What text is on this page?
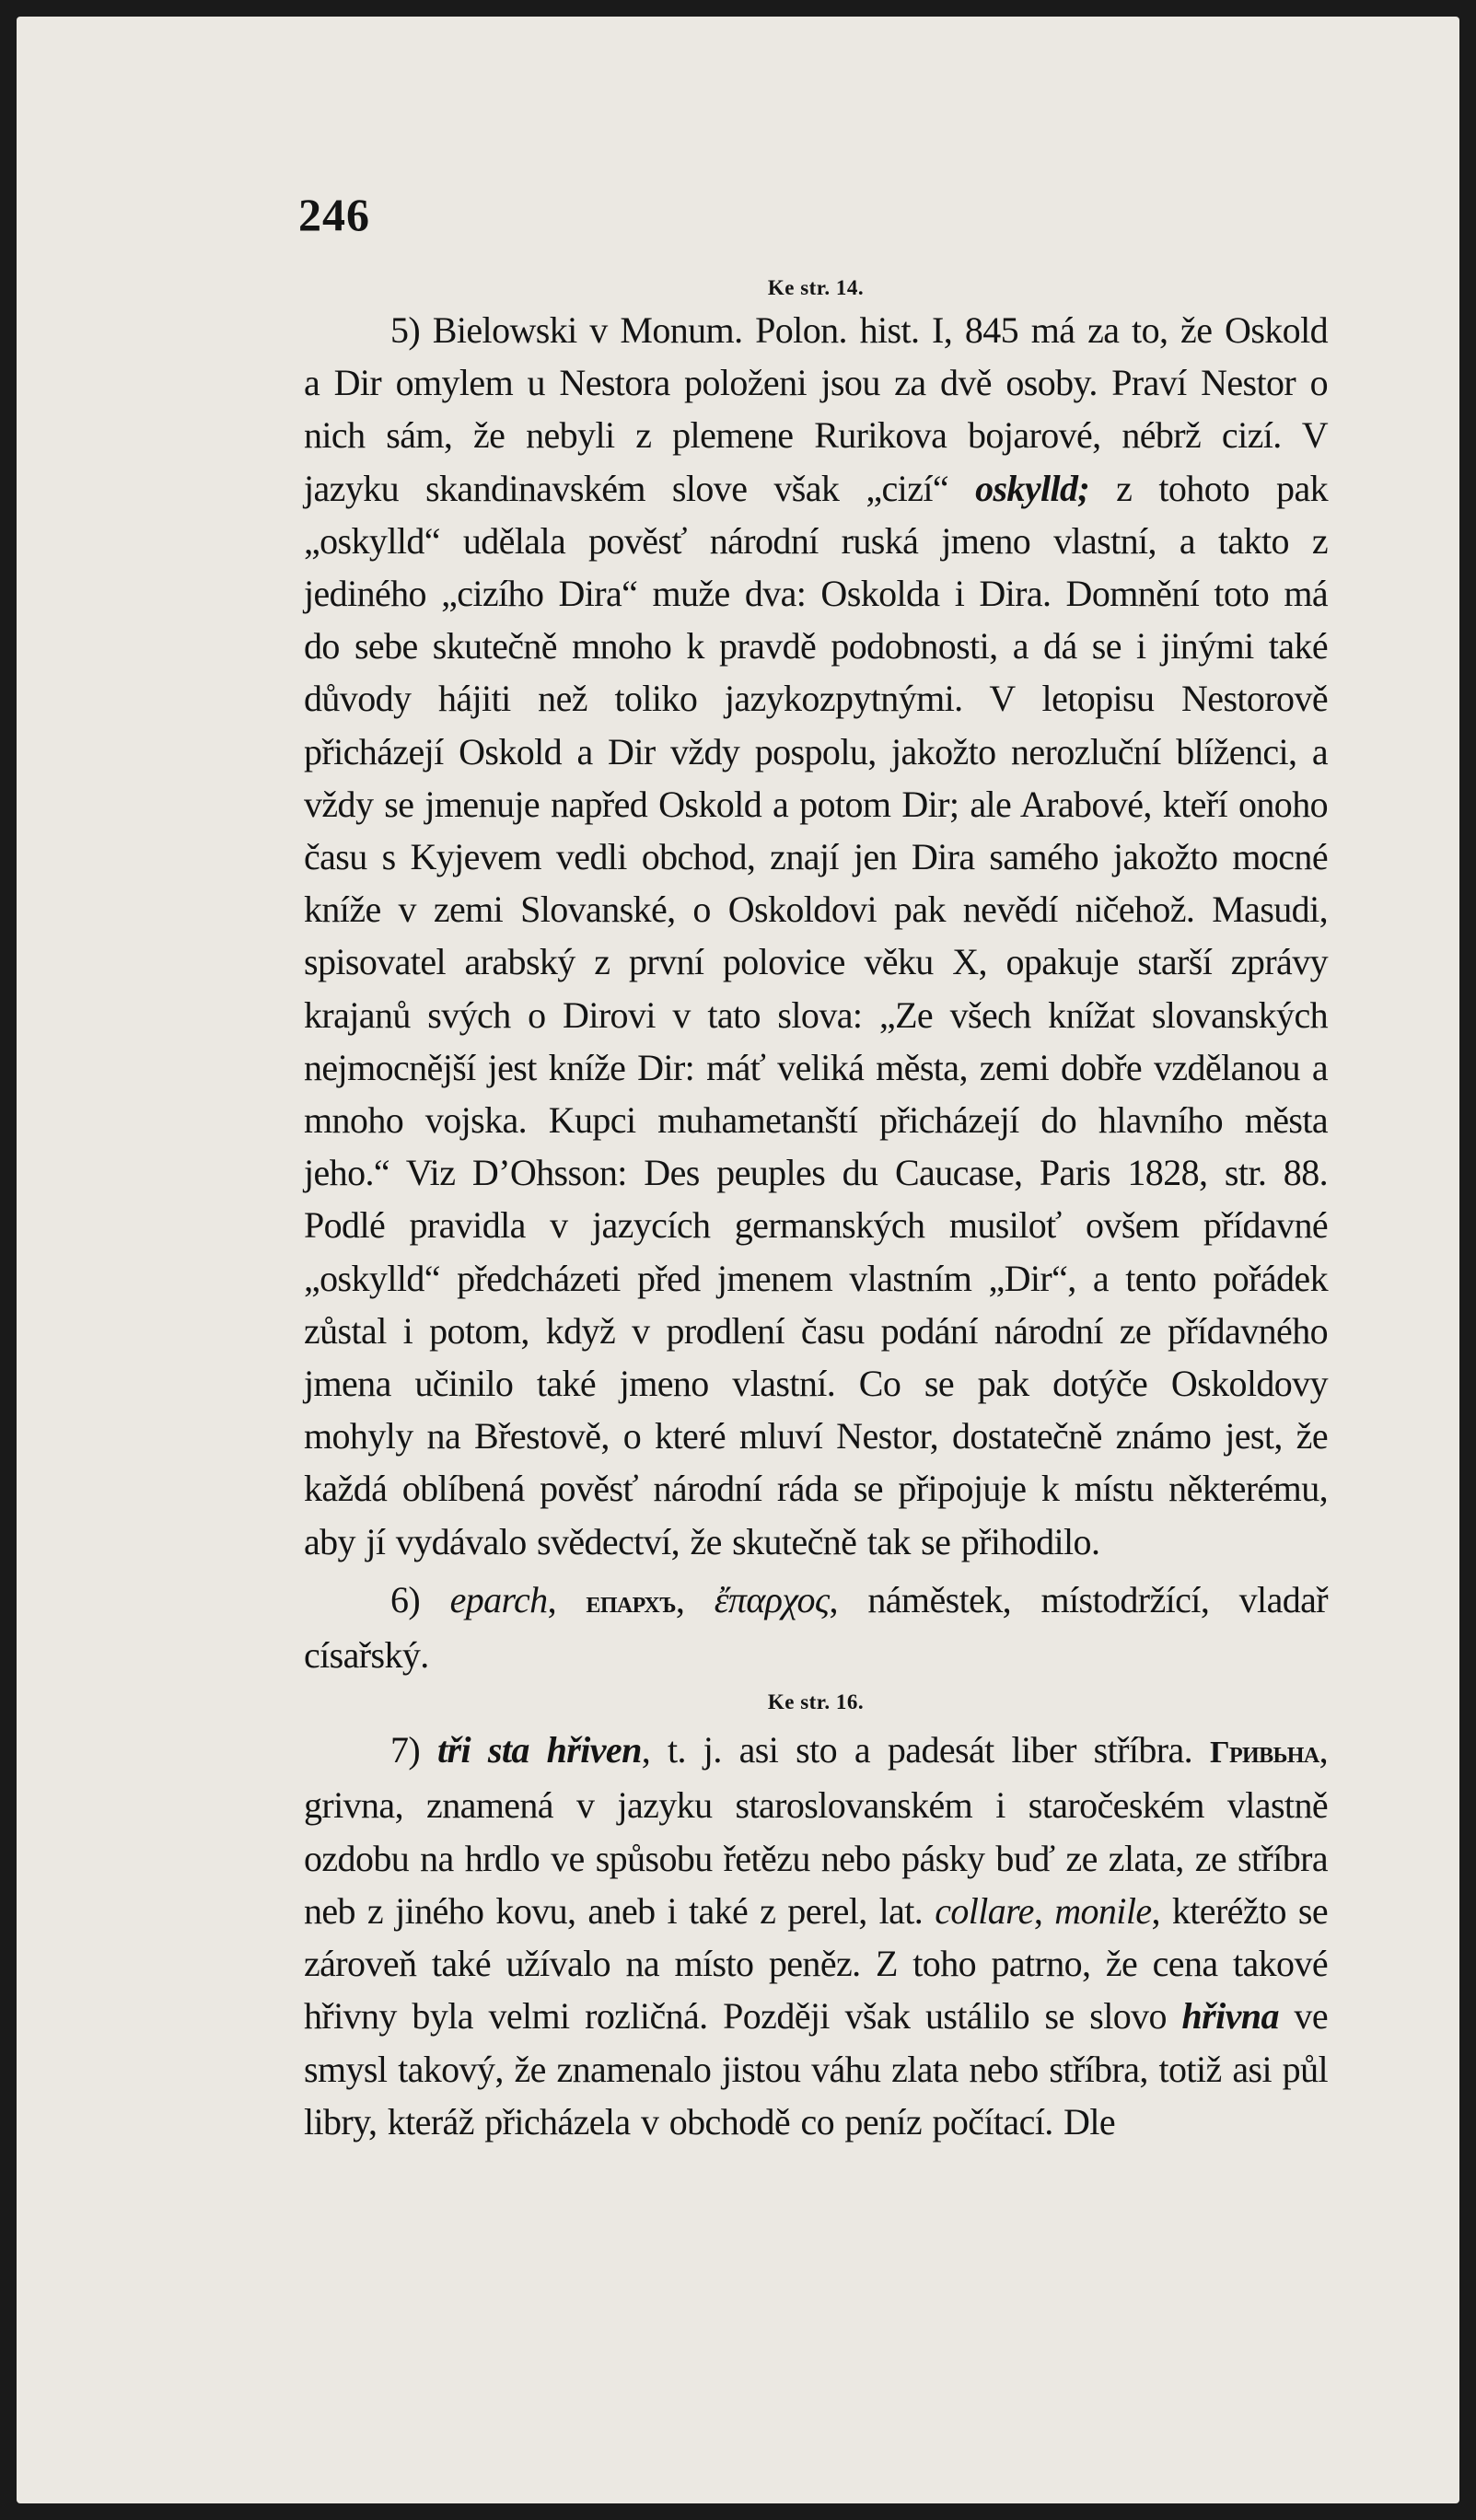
246

Ke str. 14.

5) Bielowski v Monum. Polon. hist. I, 845 má za to, že Oskold a Dir omylem u Nestora položeni jsou za dvě osoby. Praví Nestor o nich sám, že nebyli z plemene Rurikova bojarové, nébrž cizí. V jazyku skandinavském slove však „cizí“ oskylld; z tohoto pak „oskylld“ udělala pověsť národní ruská jmeno vlastní, a takto z jediného „cizího Dira“ muže dva: Oskolda i Dira. Domnění toto má do sebe skutečně mnoho k pravdě podobnosti, a dá se i jinými také důvody hájiti než toliko jazykozpytnými. V letopisu Nestorově přicházejí Oskold a Dir vždy pospolu, jakožto nerozluční blíženci, a vždy se jmenuje napřed Oskold a potom Dir; ale Arabové, kteří onoho času s Kyjevem vedli obchod, znají jen Dira samého jakožto mocné kníže v zemi Slovanské, o Oskoldovi pak nevědí ničehož. Masudi, spisovatel arabský z první polovice věku X, opakuje starší zprávy krajanů svých o Dirovi v tato slova: „Ze všech knížat slovanských nejmocnější jest kníže Dir: máť veliká města, zemi dobře vzdělanou a mnoho vojska. Kupci muhametanští přicházejí do hlavního města jeho.“ Viz D’Ohsson: Des peuples du Caucase, Paris 1828, str. 88. Podlé pravidla v jazycích germanských musiloť ovšem přídavné „oskylld“ předcházeti před jmenem vlastním „Dir“, a tento pořádek zůstal i potom, když v prodlení času podání národní ze přídavného jmena učinilo také jmeno vlastní. Co se pak dotýče Oskoldovy mohyly na Břestově, o které mluví Nestor, dostatečně známo jest, že každá oblíbená pověsť národní ráda se připojuje k místu některému, aby jí vydávalo svědectví, že skutečně tak se přihodilo.

6) eparch, епархъ, ἔπαρχος, náměstek, místodržící, vladař císařský.

Ke str. 16.

7) tři sta hřiven, t. j. asi sto a padesát liber stříbra. Гривьна, grivna, znamená v jazyku staroslovanském i staročeském vlastně ozdobu na hrdlo ve spůsobu řetězu nebo pásky buď ze zlata, ze stříbra neb z jiného kovu, aneb i také z perel, lat. collare, monile, kteréžto se zároveň také užívalo na místo peněz. Z toho patrno, že cena takové hřivny byla velmi rozličná. Později však ustálilo se slovo hřivna ve smysl takový, že znamenalo jistou váhu zlata nebo stříbra, totiž asi půl libry, kteráž přicházela v obchodě co peníz počítací. Dle
